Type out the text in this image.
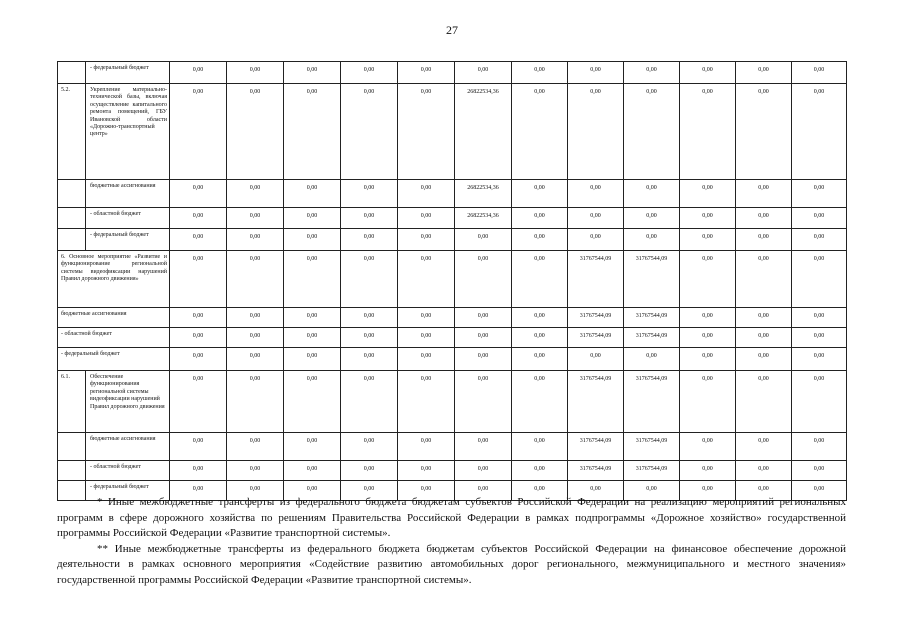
27
	- федеральный бюджет	0,00	0,00	0,00	0,00	0,00	0,00	0,00	0,00	0,00	0,00	0,00	0,00
5.2.	Укрепление материально-технической базы, включая осуществление капитального ремонта помещений, ГБУ Ивановской области «Дорожно-транспортный центр»	0,00	0,00	0,00	0,00	0,00	26822534,36	0,00	0,00	0,00	0,00	0,00	0,00
	бюджетные ассигнования	0,00	0,00	0,00	0,00	0,00	26822534,36	0,00	0,00	0,00	0,00	0,00	0,00
	- областной бюджет	0,00	0,00	0,00	0,00	0,00	26822534,36	0,00	0,00	0,00	0,00	0,00	0,00
	- федеральный бюджет	0,00	0,00	0,00	0,00	0,00	0,00	0,00	0,00	0,00	0,00	0,00	0,00
6. Основное мероприятие «Развитие и функционирование региональной системы видеофиксации нарушений Правил дорожного движения»		0,00	0,00	0,00	0,00	0,00	0,00	0,00	31767544,09	31767544,09	0,00	0,00	0,00
бюджетные ассигнования		0,00	0,00	0,00	0,00	0,00	0,00	0,00	31767544,09	31767544,09	0,00	0,00	0,00
- областной бюджет		0,00	0,00	0,00	0,00	0,00	0,00	0,00	31767544,09	31767544,09	0,00	0,00	0,00
- федеральный бюджет		0,00	0,00	0,00	0,00	0,00	0,00	0,00	0,00	0,00	0,00	0,00	0,00
6.1.	Обеспечение функционирования региональной системы видеофиксации нарушений Правил дорожного движения	0,00	0,00	0,00	0,00	0,00	0,00	0,00	31767544,09	31767544,09	0,00	0,00	0,00
	бюджетные ассигнования	0,00	0,00	0,00	0,00	0,00	0,00	0,00	31767544,09	31767544,09	0,00	0,00	0,00
	- областной бюджет	0,00	0,00	0,00	0,00	0,00	0,00	0,00	31767544,09	31767544,09	0,00	0,00	0,00
	- федеральный бюджет	0,00	0,00	0,00	0,00	0,00	0,00	0,00	0,00	0,00	0,00	0,00	0,00

* Иные межбюджетные трансферты из федерального бюджета бюджетам субъектов Российской Федерации на реализацию мероприятий региональных программ в сфере дорожного хозяйства по решениям Правительства Российской Федерации в рамках подпрограммы «Дорожное хозяйство» государственной программы Российской Федерации «Развитие транспортной системы».

** Иные межбюджетные трансферты из федерального бюджета бюджетам субъектов Российской Федерации на финансовое обеспечение дорожной деятельности в рамках основного мероприятия «Содействие развитию автомобильных дорог регионального, межмуниципального и местного значения» государственной программы Российской Федерации «Развитие транспортной системы».
